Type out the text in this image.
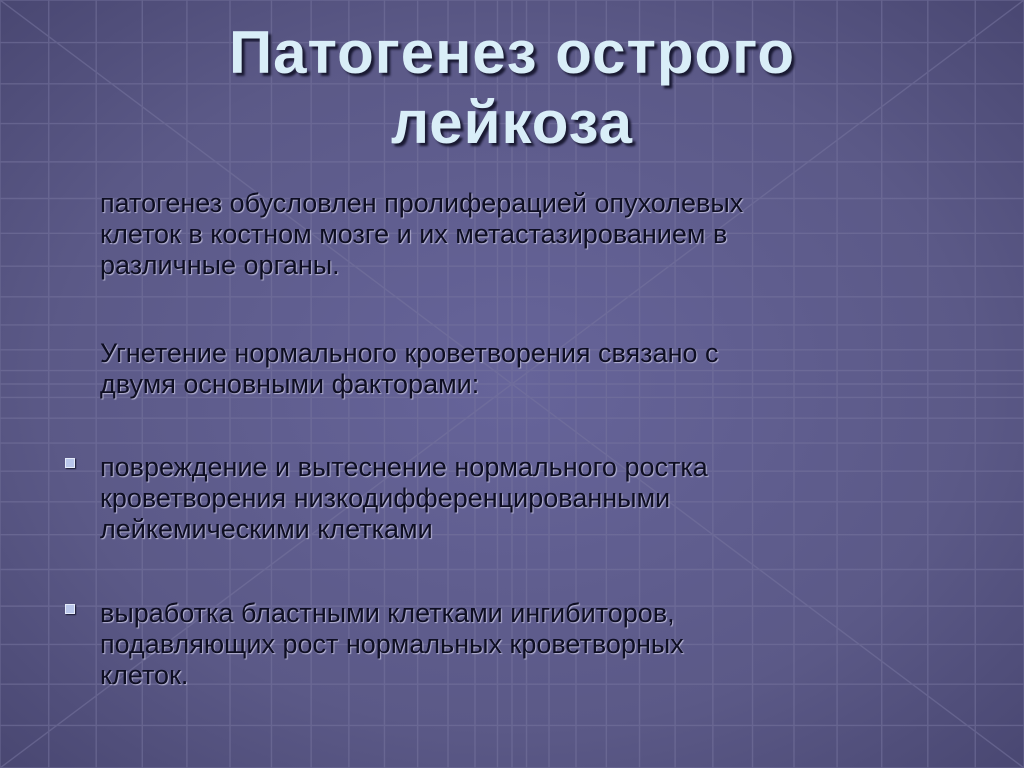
Патогенез острого
лейкоза

патогенез обусловлен пролиферацией опухолевых
клеток в костном мозге и их метастазированием в
различные органы.

Угнетение нормального кроветворения связано с
двумя основными факторами:

повреждение и вытеснение нормального ростка
кроветворения низкодифференцированными
лейкемическими клетками

выработка бластными клетками ингибиторов,
подавляющих рост нормальных кроветворных
клеток.
